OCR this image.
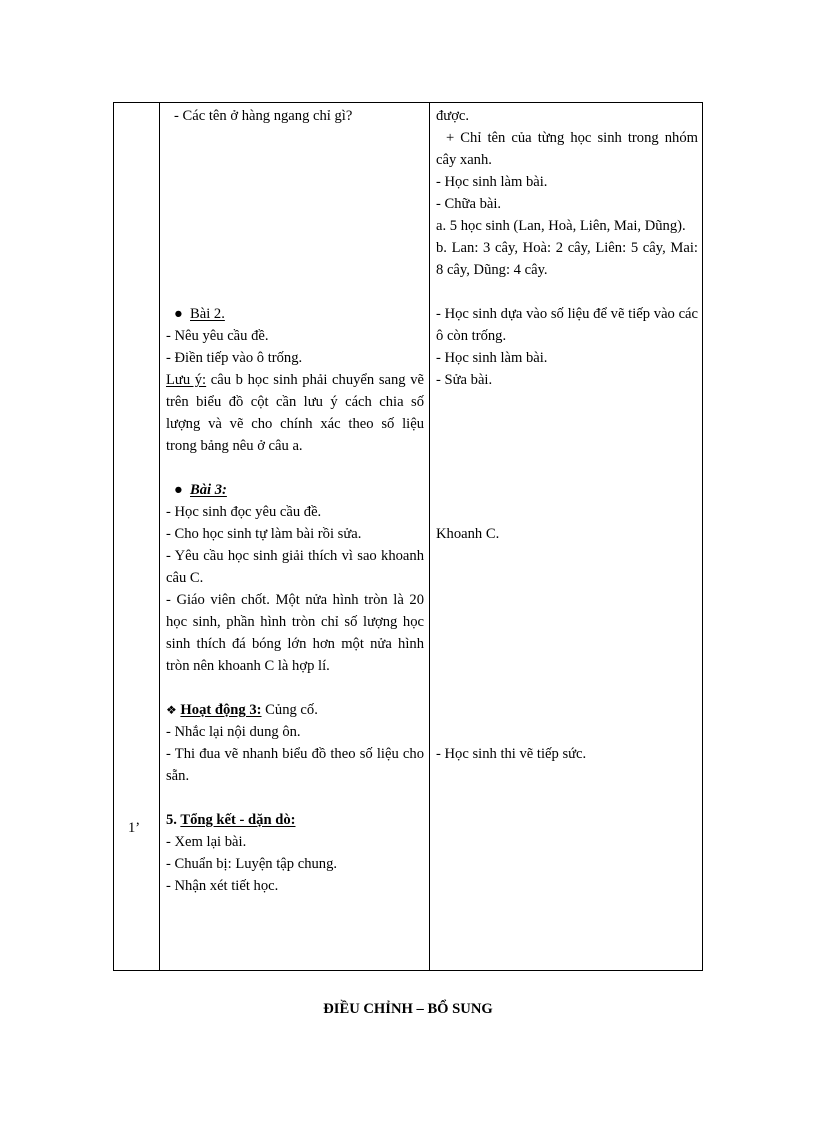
1’

- Các tên ở hàng ngang chỉ gì?

● Bài 2.

- Nêu yêu cầu đề.

- Điền tiếp vào ô trống.

Lưu ý: câu b học sinh phải chuyển sang vẽ trên biểu đồ cột cần lưu ý cách chia số lượng và vẽ cho chính xác theo số liệu trong bảng nêu ở câu a.

● Bài 3:

- Học sinh đọc yêu cầu đề.

- Cho học sinh tự làm bài rồi sửa.

- Yêu cầu học sinh giải thích vì sao khoanh câu C.

- Giáo viên chốt. Một nửa hình tròn là 20 học sinh, phần hình tròn chỉ số lượng học sinh thích đá bóng lớn hơn một nửa hình tròn nên khoanh C là hợp lí.

❖ Hoạt động 3: Củng cố.

- Nhắc lại nội dung ôn.

- Thi đua vẽ nhanh biểu đồ theo số liệu cho sẵn.

5. Tổng kết - dặn dò:

- Xem lại bài.

- Chuẩn bị: Luyện tập chung.

- Nhận xét tiết học.

được.

+ Chỉ tên của từng học sinh trong nhóm cây xanh.

- Học sinh làm bài.

- Chữa bài.

a. 5 học sinh (Lan, Hoà, Liên, Mai, Dũng).

b. Lan: 3 cây, Hoà: 2 cây, Liên: 5 cây, Mai: 8 cây, Dũng: 4 cây.

- Học sinh dựa vào số liệu để vẽ tiếp vào các ô còn trống.

- Học sinh làm bài.

- Sửa bài.

Khoanh C.

- Học sinh thi vẽ tiếp sức.

ĐIỀU CHỈNH – BỔ SUNG
